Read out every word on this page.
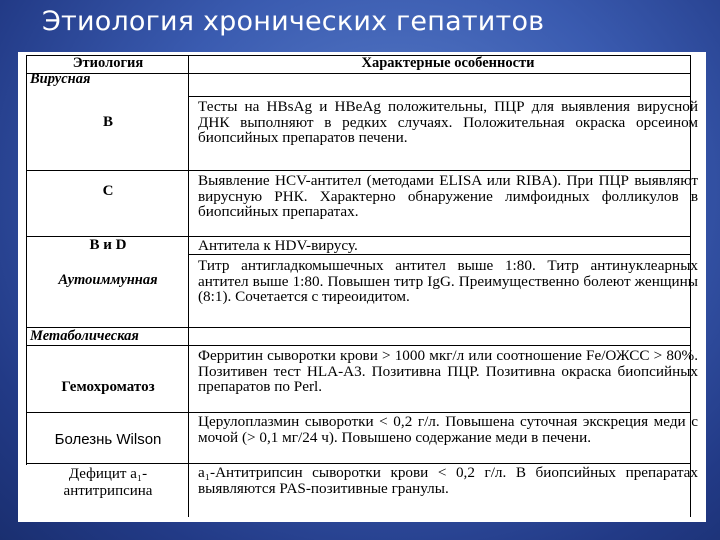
Этиология хронических гепатитов
Этиология	Характерные особенности
Вирусная
В
Тесты на HBsAg и HBeAg положительны, ПЦР для выявления вирусной ДНК выполняют в редких случаях. Положительная окраска орсеином биопсийных препаратов печени.
С
Выявление HCV-антител (методами ELISA или RIBA). При ПЦР выявляют вирусную РНК. Характерно обнаружение лимфоидных фолликулов в биопсийных препаратах.
В и D	Антитела к HDV-вирусу.
Аутоиммунная
Титр антигладкомышечных антител выше 1:80. Титр антинуклеарных антител выше 1:80. Повышен титр IgG. Преимущественно болеют женщины (8:1). Сочетается с тиреоидитом.
Метаболическая
Гемохроматоз
Ферритин сыворотки крови > 1000 мкг/л или соотношение Fe/ОЖСС > 80%. Позитивен тест HLA-A3. Позитивна ПЦР. Позитивна окраска биопсийных препаратов по Perl.
Болезнь Wilson
Церулоплазмин сыворотки < 0,2 г/л. Повышена суточная экскреция меди с мочой (> 0,1 мг/24 ч). Повышено содержание меди в печени.
Дефицит а₁-
антитрипсина
а₁-Антитрипсин сыворотки крови < 0,2 г/л. В биопсийных препаратах выявляются PAS-позитивные гранулы.
